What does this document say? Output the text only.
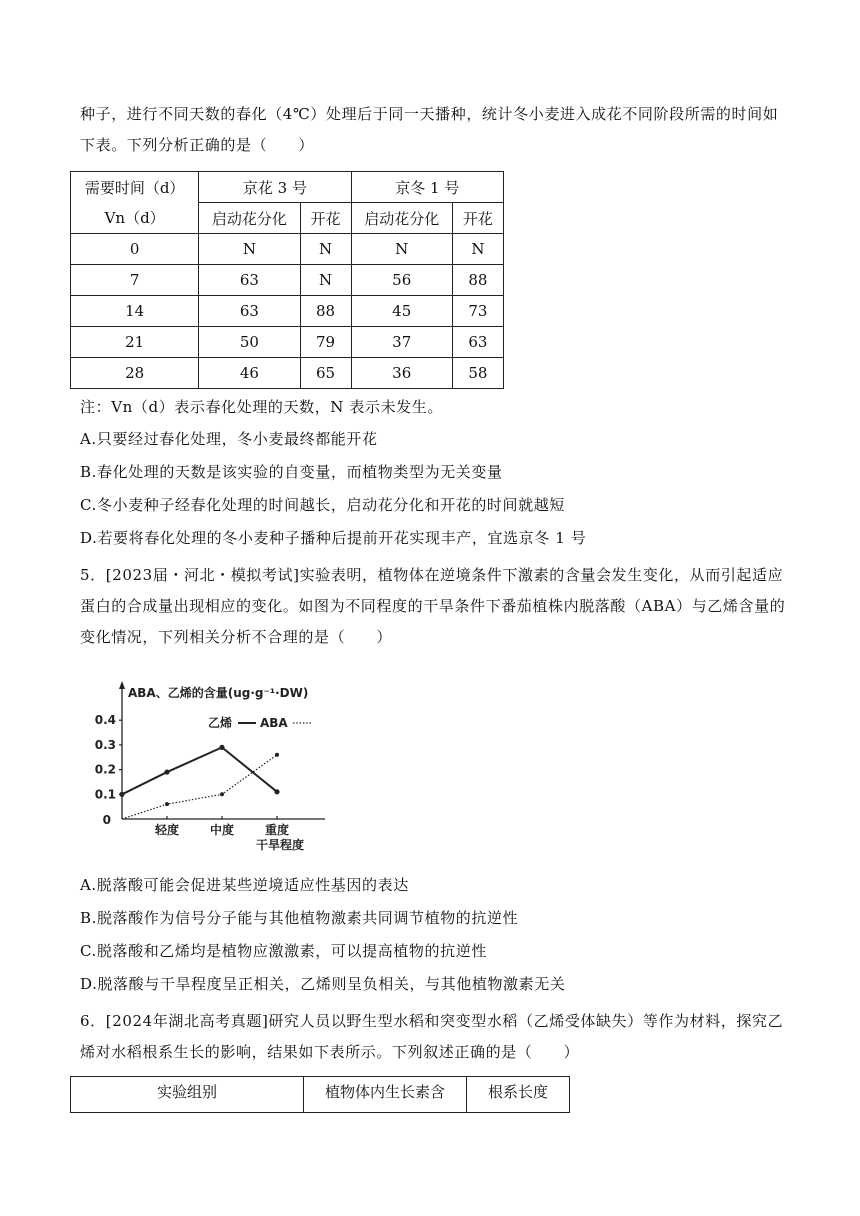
种子，进行不同天数的春化（4℃）处理后于同一天播种，统计冬小麦进入成花不同阶段所需的时间如下表。下列分析正确的是（　　）
需要时间（d）
Vn（d）	京花 3 号		京冬 1 号	
	启动花分化	开花	启动花分化	开花
0	N	N	N	N
7	63	N	56	88
14	63	88	45	73
21	50	79	37	63
28	46	65	36	58
注：Vn（d）表示春化处理的天数，N 表示未发生。
A.只要经过春化处理，冬小麦最终都能开花
B.春化处理的天数是该实验的自变量，而植物类型为无关变量
C.冬小麦种子经春化处理的时间越长，启动花分化和开花的时间就越短
D.若要将春化处理的冬小麦种子播种后提前开花实现丰产，宜选京冬 1 号
5．[2023届・河北・模拟考试]实验表明，植物体在逆境条件下激素的含量会发生变化，从而引起适应蛋白的合成量出现相应的变化。如图为不同程度的干旱条件下番茄植株内脱落酸（ABA）与乙烯含量的变化情况，下列相关分析不合理的是（　　）
ABA、乙烯的含量(ug·g⁻¹·DW)
乙烯 ABA
0
0.1
0.2
0.3
0.4
轻度	中度	重度
干旱程度
A.脱落酸可能会促进某些逆境适应性基因的表达
B.脱落酸作为信号分子能与其他植物激素共同调节植物的抗逆性
C.脱落酸和乙烯均是植物应激激素，可以提高植物的抗逆性
D.脱落酸与干旱程度呈正相关，乙烯则呈负相关，与其他植物激素无关
6．[2024年湖北高考真题]研究人员以野生型水稻和突变型水稻（乙烯受体缺失）等作为材料，探究乙烯对水稻根系生长的影响，结果如下表所示。下列叙述正确的是（　　）
实验组别	植物体内生长素含	根系长度
